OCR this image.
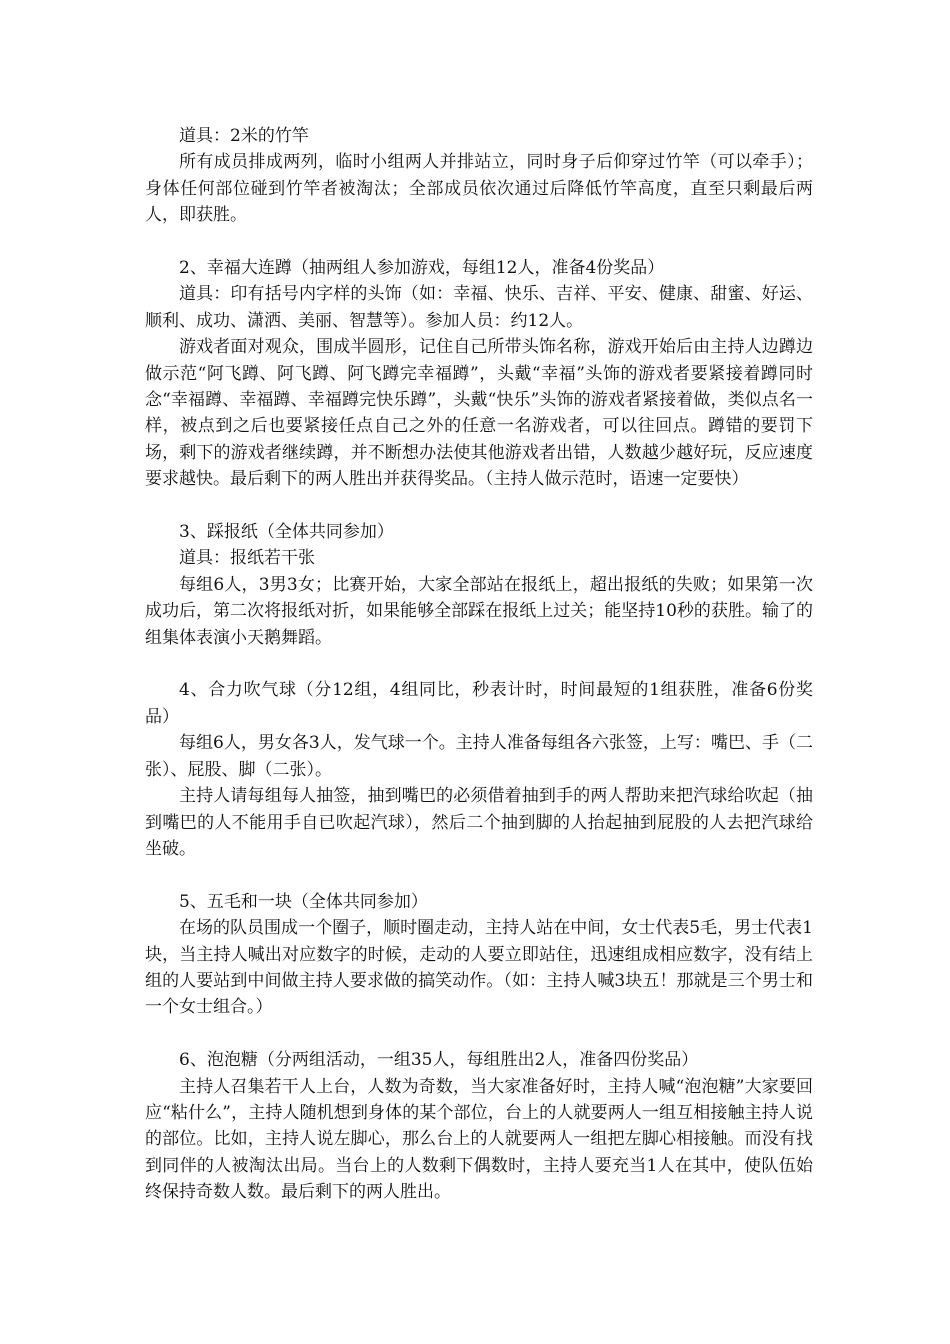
道具：2米的竹竿

所有成员排成两列，临时小组两人并排站立，同时身子后仰穿过竹竿（可以牵手）；身体任何部位碰到竹竿者被淘汰；全部成员依次通过后降低竹竿高度，直至只剩最后两人，即获胜。

2、幸福大连蹲（抽两组人参加游戏，每组12人，准备4份奖品）

道具：印有括号内字样的头饰（如：幸福、快乐、吉祥、平安、健康、甜蜜、好运、顺利、成功、潇洒、美丽、智慧等）。参加人员：约12人。

游戏者面对观众，围成半圆形，记住自己所带头饰名称，游戏开始后由主持人边蹲边做示范“阿飞蹲、阿飞蹲、阿飞蹲完幸福蹲”，头戴“幸福”头饰的游戏者要紧接着蹲同时念“幸福蹲、幸福蹲、幸福蹲完快乐蹲”，头戴“快乐”头饰的游戏者紧接着做，类似点名一样，被点到之后也要紧接任点自己之外的任意一名游戏者，可以往回点。蹲错的要罚下场，剩下的游戏者继续蹲，并不断想办法使其他游戏者出错，人数越少越好玩，反应速度要求越快。最后剩下的两人胜出并获得奖品。（主持人做示范时，语速一定要快）

3、踩报纸（全体共同参加）

道具：报纸若干张

每组6人，3男3女；比赛开始，大家全部站在报纸上，超出报纸的失败；如果第一次成功后，第二次将报纸对折，如果能够全部踩在报纸上过关；能坚持10秒的获胜。输了的组集体表演小天鹅舞蹈。

4、合力吹气球（分12组，4组同比，秒表计时，时间最短的1组获胜，准备6份奖品）

每组6人，男女各3人，发气球一个。主持人准备每组各六张签，上写：嘴巴、手（二张）、屁股、脚（二张）。

主持人请每组每人抽签，抽到嘴巴的必须借着抽到手的两人帮助来把汽球给吹起（抽到嘴巴的人不能用手自已吹起汽球），然后二个抽到脚的人抬起抽到屁股的人去把汽球给坐破。

5、五毛和一块（全体共同参加）

在场的队员围成一个圈子，顺时圈走动，主持人站在中间，女士代表5毛，男士代表1块，当主持人喊出对应数字的时候，走动的人要立即站住，迅速组成相应数字，没有结上组的人要站到中间做主持人要求做的搞笑动作。（如：主持人喊3块五！那就是三个男士和一个女士组合。）

6、泡泡糖（分两组活动，一组35人，每组胜出2人，准备四份奖品）

主持人召集若干人上台，人数为奇数，当大家准备好时，主持人喊“泡泡糖”大家要回应“粘什么”，主持人随机想到身体的某个部位，台上的人就要两人一组互相接触主持人说的部位。比如，主持人说左脚心，那么台上的人就要两人一组把左脚心相接触。而没有找到同伴的人被淘汰出局。当台上的人数剩下偶数时，主持人要充当1人在其中，使队伍始终保持奇数人数。最后剩下的两人胜出。
